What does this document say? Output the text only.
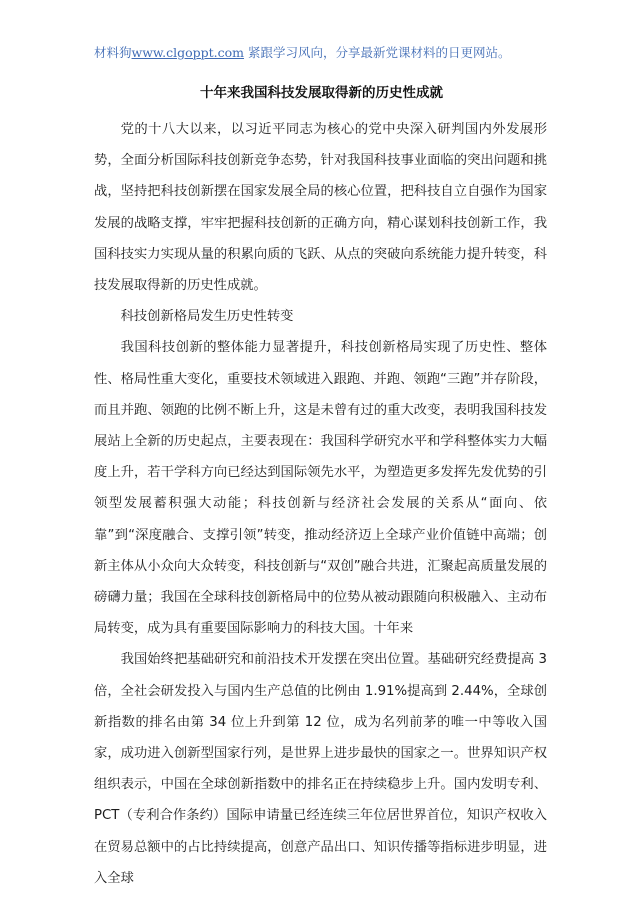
材料狗www.clgoppt.com 紧跟学习风向，分享最新党课材料的日更网站。
十年来我国科技发展取得新的历史性成就

党的十八大以来，以习近平同志为核心的党中央深入研判国内外发展形势，全面分析国际科技创新竞争态势，针对我国科技事业面临的突出问题和挑战，坚持把科技创新摆在国家发展全局的核心位置，把科技自立自强作为国家发展的战略支撑，牢牢把握科技创新的正确方向，精心谋划科技创新工作，我国科技实力实现从量的积累向质的飞跃、从点的突破向系统能力提升转变，科技发展取得新的历史性成就。

科技创新格局发生历史性转变

我国科技创新的整体能力显著提升，科技创新格局实现了历史性、整体性、格局性重大变化，重要技术领域进入跟跑、并跑、领跑“三跑”并存阶段，而且并跑、领跑的比例不断上升，这是未曾有过的重大改变，表明我国科技发展站上全新的历史起点，主要表现在：我国科学研究水平和学科整体实力大幅度上升，若干学科方向已经达到国际领先水平，为塑造更多发挥先发优势的引领型发展蓄积强大动能；科技创新与经济社会发展的关系从“面向、依靠”到“深度融合、支撑引领”转变，推动经济迈上全球产业价值链中高端；创新主体从小众向大众转变，科技创新与“双创”融合共进，汇聚起高质量发展的磅礴力量；我国在全球科技创新格局中的位势从被动跟随向积极融入、主动布局转变，成为具有重要国际影响力的科技大国。十年来

我国始终把基础研究和前沿技术开发摆在突出位置。基础研究经费提高 3 倍，全社会研发投入与国内生产总值的比例由 1.91%提高到 2.44%，全球创新指数的排名由第 34 位上升到第 12 位，成为名列前茅的唯一中等收入国家，成功进入创新型国家行列，是世界上进步最快的国家之一。世界知识产权组织表示，中国在全球创新指数中的排名正在持续稳步上升。国内发明专利、PCT（专利合作条约）国际申请量已经连续三年位居世界首位，知识产权收入在贸易总额中的占比持续提高，创意产品出口、知识传播等指标进步明显，进入全球
